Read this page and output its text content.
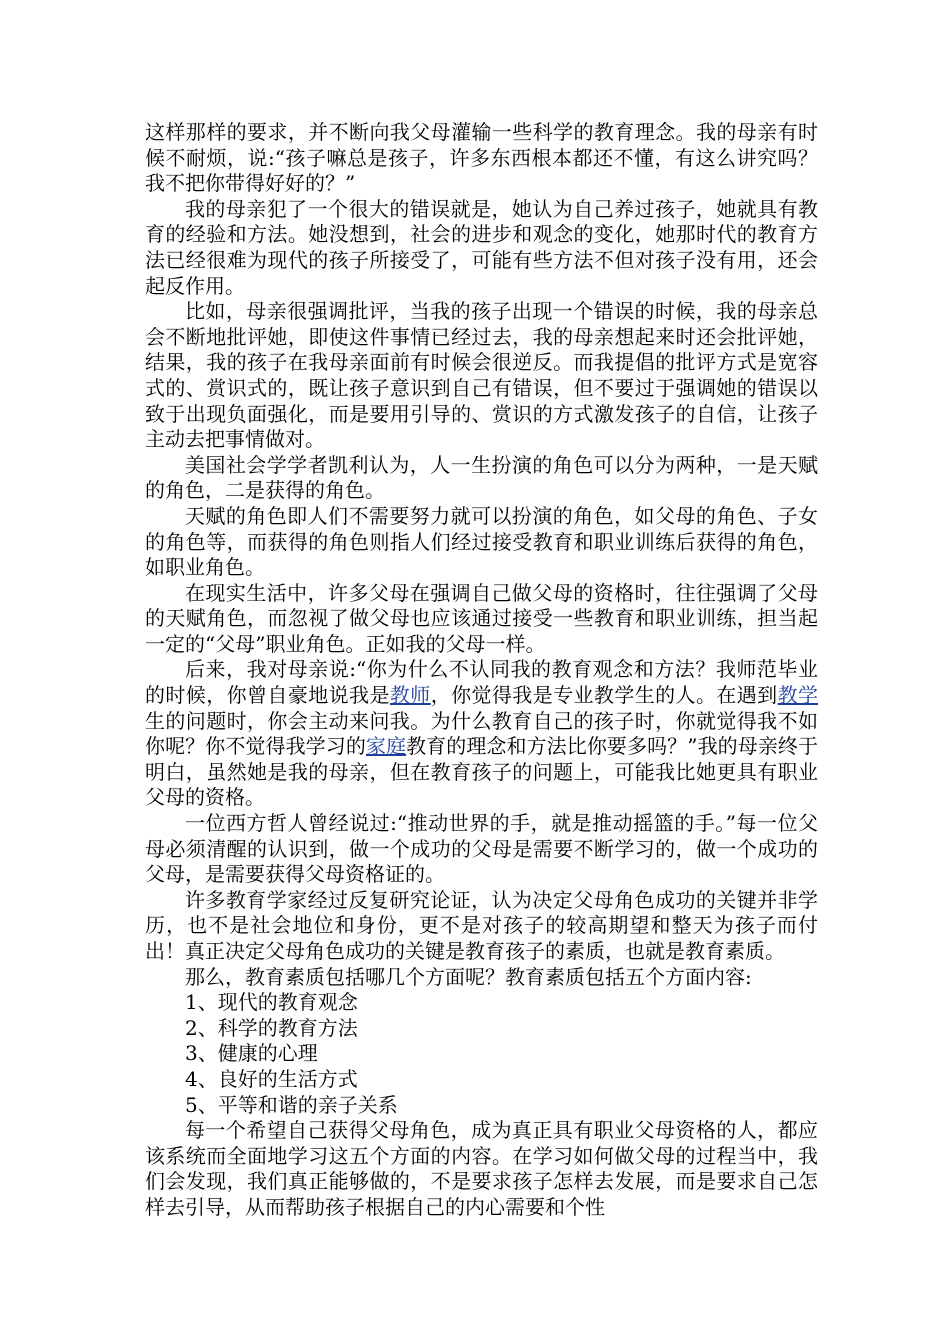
这样那样的要求，并不断向我父母灌输一些科学的教育理念。我的母亲有时候不耐烦，说:“孩子嘛总是孩子，许多东西根本都还不懂，有这么讲究吗？我不把你带得好好的？”

我的母亲犯了一个很大的错误就是，她认为自己养过孩子，她就具有教育的经验和方法。她没想到，社会的进步和观念的变化，她那时代的教育方法已经很难为现代的孩子所接受了，可能有些方法不但对孩子没有用，还会起反作用。

比如，母亲很强调批评，当我的孩子出现一个错误的时候，我的母亲总会不断地批评她，即使这件事情已经过去，我的母亲想起来时还会批评她，结果，我的孩子在我母亲面前有时候会很逆反。而我提倡的批评方式是宽容式的、赏识式的，既让孩子意识到自己有错误，但不要过于强调她的错误以致于出现负面强化，而是要用引导的、赏识的方式激发孩子的自信，让孩子主动去把事情做对。

美国社会学学者凯利认为，人一生扮演的角色可以分为两种，一是天赋的角色，二是获得的角色。

天赋的角色即人们不需要努力就可以扮演的角色，如父母的角色、子女的角色等，而获得的角色则指人们经过接受教育和职业训练后获得的角色，如职业角色。

在现实生活中，许多父母在强调自己做父母的资格时，往往强调了父母的天赋角色，而忽视了做父母也应该通过接受一些教育和职业训练，担当起一定的“父母”职业角色。正如我的父母一样。

后来，我对母亲说:“你为什么不认同我的教育观念和方法？我师范毕业的时候，你曾自豪地说我是教师，你觉得我是专业教学生的人。在遇到教学生的问题时，你会主动来问我。为什么教育自己的孩子时，你就觉得我不如你呢？你不觉得我学习的家庭教育的理念和方法比你要多吗？”我的母亲终于明白，虽然她是我的母亲，但在教育孩子的问题上，可能我比她更具有职业父母的资格。

一位西方哲人曾经说过:“推动世界的手，就是推动摇篮的手。”每一位父母必须清醒的认识到，做一个成功的父母是需要不断学习的，做一个成功的父母，是需要获得父母资格证的。

许多教育学家经过反复研究论证，认为决定父母角色成功的关键并非学历，也不是社会地位和身份，更不是对孩子的较高期望和整天为孩子而付出！真正决定父母角色成功的关键是教育孩子的素质，也就是教育素质。

那么，教育素质包括哪几个方面呢？教育素质包括五个方面内容:

1、现代的教育观念

2、科学的教育方法

3、健康的心理

4、良好的生活方式

5、平等和谐的亲子关系

每一个希望自己获得父母角色，成为真正具有职业父母资格的人，都应该系统而全面地学习这五个方面的内容。在学习如何做父母的过程当中，我们会发现，我们真正能够做的，不是要求孩子怎样去发展，而是要求自己怎样去引导，从而帮助孩子根据自己的内心需要和个性
